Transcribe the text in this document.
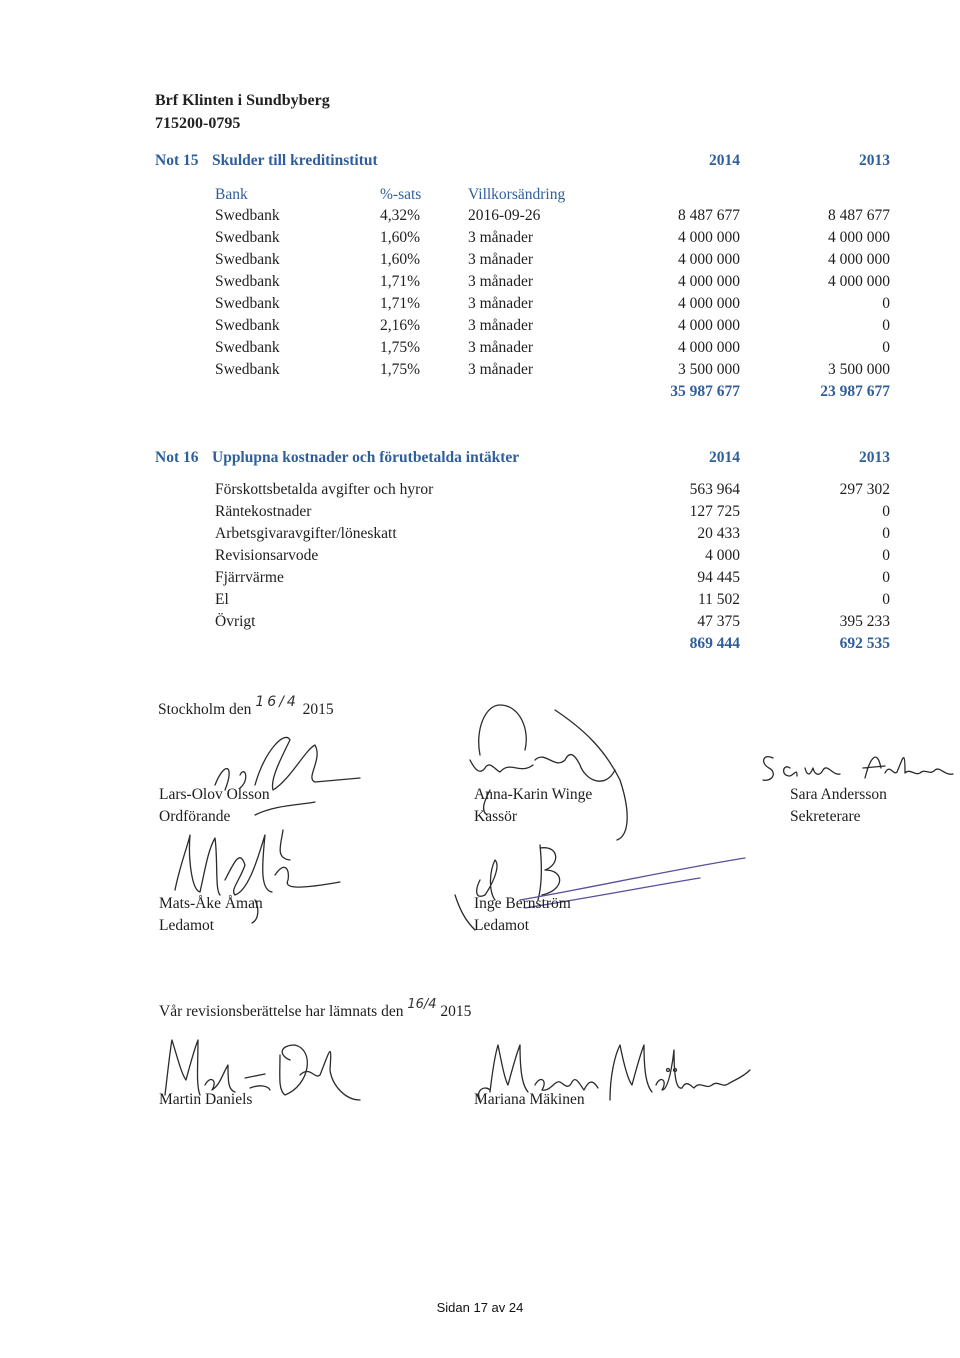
Brf Klinten i Sundbyberg
715200-0795
Not 15 Skulder till kreditinstitut	2014	2013
Bank	%-sats	Villkorsändring
Swedbank	4,32%	2016-09-26	8 487 677	8 487 677
Swedbank	1,60%	3 månader	4 000 000	4 000 000
Swedbank	1,60%	3 månader	4 000 000	4 000 000
Swedbank	1,71%	3 månader	4 000 000	4 000 000
Swedbank	1,71%	3 månader	4 000 000	0
Swedbank	2,16%	3 månader	4 000 000	0
Swedbank	1,75%	3 månader	4 000 000	0
Swedbank	1,75%	3 månader	3 500 000	3 500 000
35 987 677	23 987 677
Not 16 Upplupna kostnader och förutbetalda intäkter	2014	2013
Förskottsbetalda avgifter och hyror	563 964	297 302
Räntekostnader	127 725	0
Arbetsgivaravgifter/löneskatt	20 433	0
Revisionsarvode	4 000	0
Fjärrvärme	94 445	0
El	11 502	0
Övrigt	47 375	395 233
869 444	692 535
Stockholm den 16/4 2015
Lars-Olov Olsson
Ordförande
Anna-Karin Winge
Kassör
Sara Andersson
Sekreterare
Mats-Åke Åman
Ledamot
Inge Bernström
Ledamot
Vår revisionsberättelse har lämnats den $^{16/4}$ 2015
Martin Daniels	Mariana Mäkinen
Sidan 17 av 24
